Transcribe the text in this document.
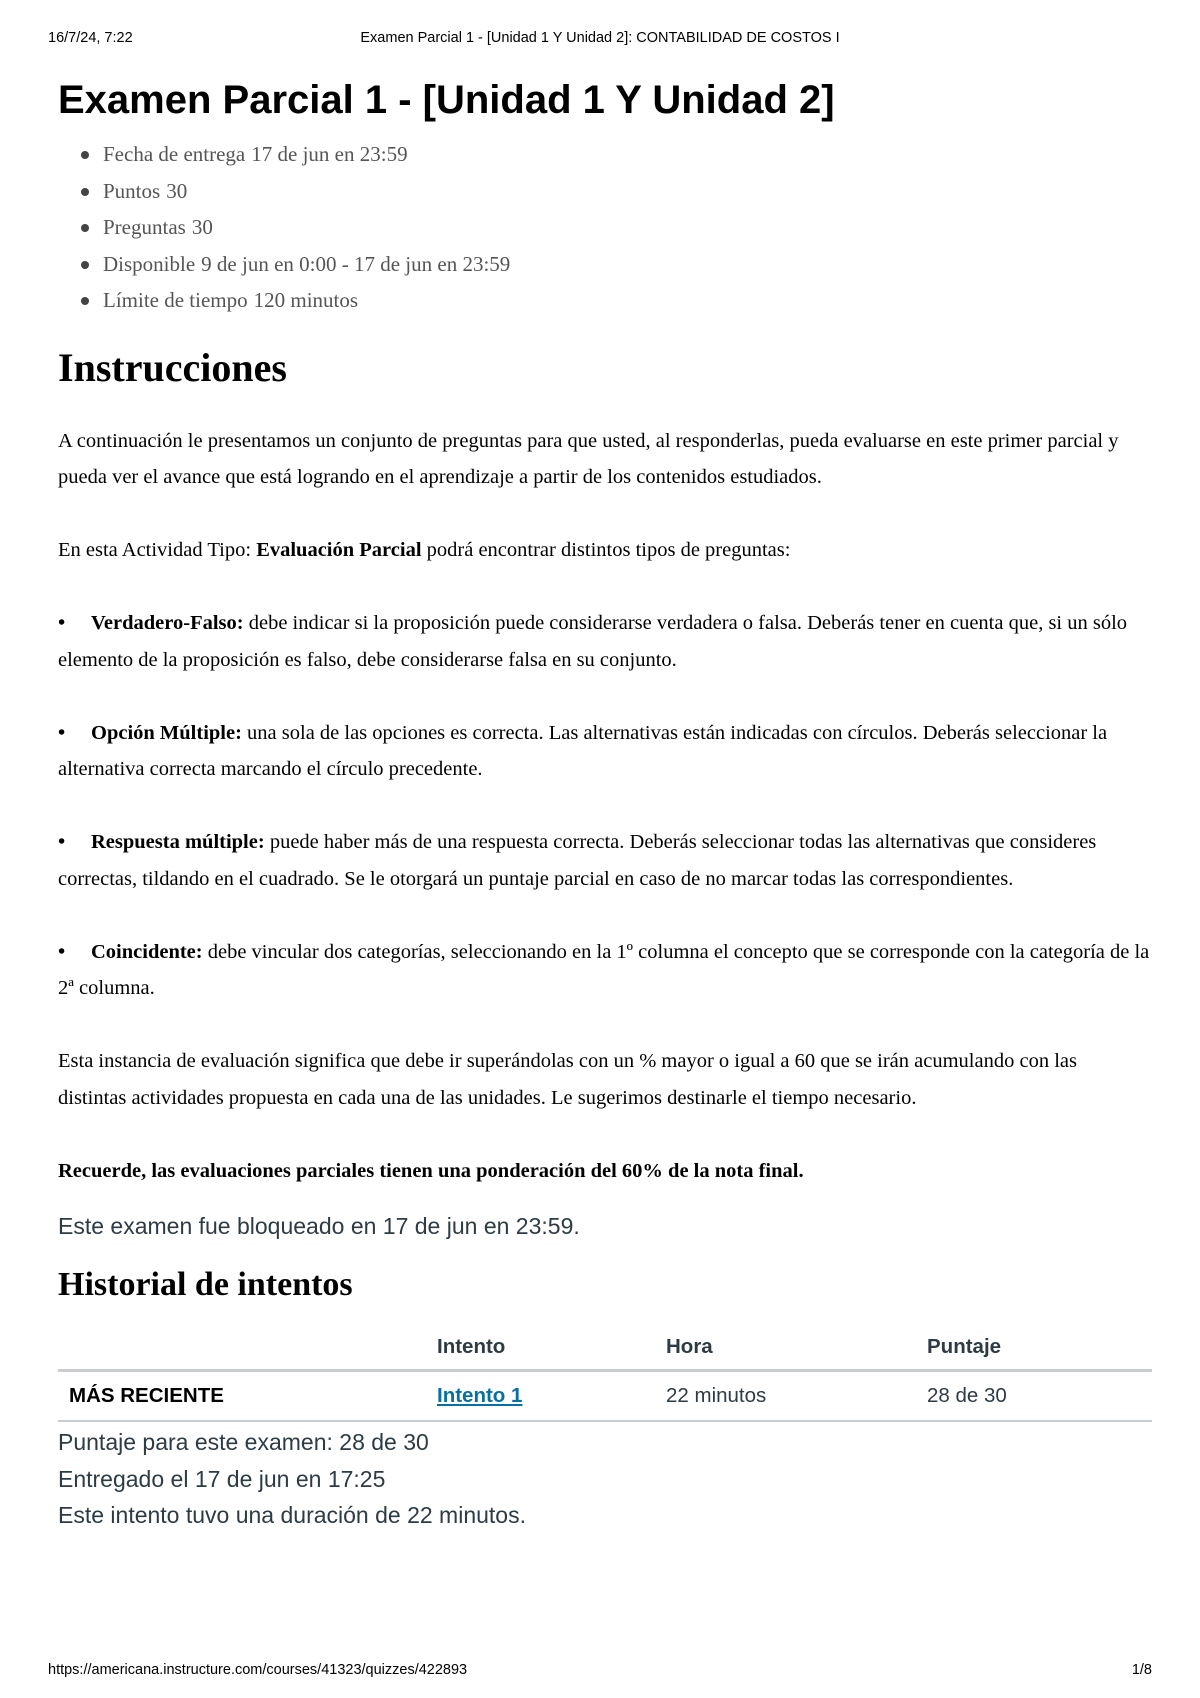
16/7/24, 7:22	Examen Parcial 1 - [Unidad 1 Y Unidad 2]: CONTABILIDAD DE COSTOS I
Examen Parcial 1 - [Unidad 1 Y Unidad 2]
Fecha de entrega 17 de jun en 23:59
Puntos 30
Preguntas 30
Disponible 9 de jun en 0:00 - 17 de jun en 23:59
Límite de tiempo 120 minutos
Instrucciones

A continuación le presentamos un conjunto de preguntas para que usted, al responderlas, pueda evaluarse en este primer parcial y pueda ver el avance que está logrando en el aprendizaje a partir de los contenidos estudiados.

En esta Actividad Tipo: Evaluación Parcial podrá encontrar distintos tipos de preguntas:

• Verdadero-Falso: debe indicar si la proposición puede considerarse verdadera o falsa. Deberás tener en cuenta que, si un sólo elemento de la proposición es falso, debe considerarse falsa en su conjunto.

• Opción Múltiple: una sola de las opciones es correcta. Las alternativas están indicadas con círculos. Deberás seleccionar la alternativa correcta marcando el círculo precedente.

• Respuesta múltiple: puede haber más de una respuesta correcta. Deberás seleccionar todas las alternativas que consideres correctas, tildando en el cuadrado. Se le otorgará un puntaje parcial en caso de no marcar todas las correspondientes.

• Coincidente: debe vincular dos categorías, seleccionando en la 1º columna el concepto que se corresponde con la categoría de la 2ª columna.

Esta instancia de evaluación significa que debe ir superándolas con un % mayor o igual a 60 que se irán acumulando con las distintas actividades propuesta en cada una de las unidades. Le sugerimos destinarle el tiempo necesario.

Recuerde, las evaluaciones parciales tienen una ponderación del 60% de la nota final.

Este examen fue bloqueado en 17 de jun en 23:59.
Historial de intentos
	Intento	Hora	Puntaje
MÁS RECIENTE	Intento 1	22 minutos	28 de 30

Puntaje para este examen: 28 de 30

Entregado el 17 de jun en 17:25

Este intento tuvo una duración de 22 minutos.

https://americana.instructure.com/courses/41323/quizzes/422893	1/8
